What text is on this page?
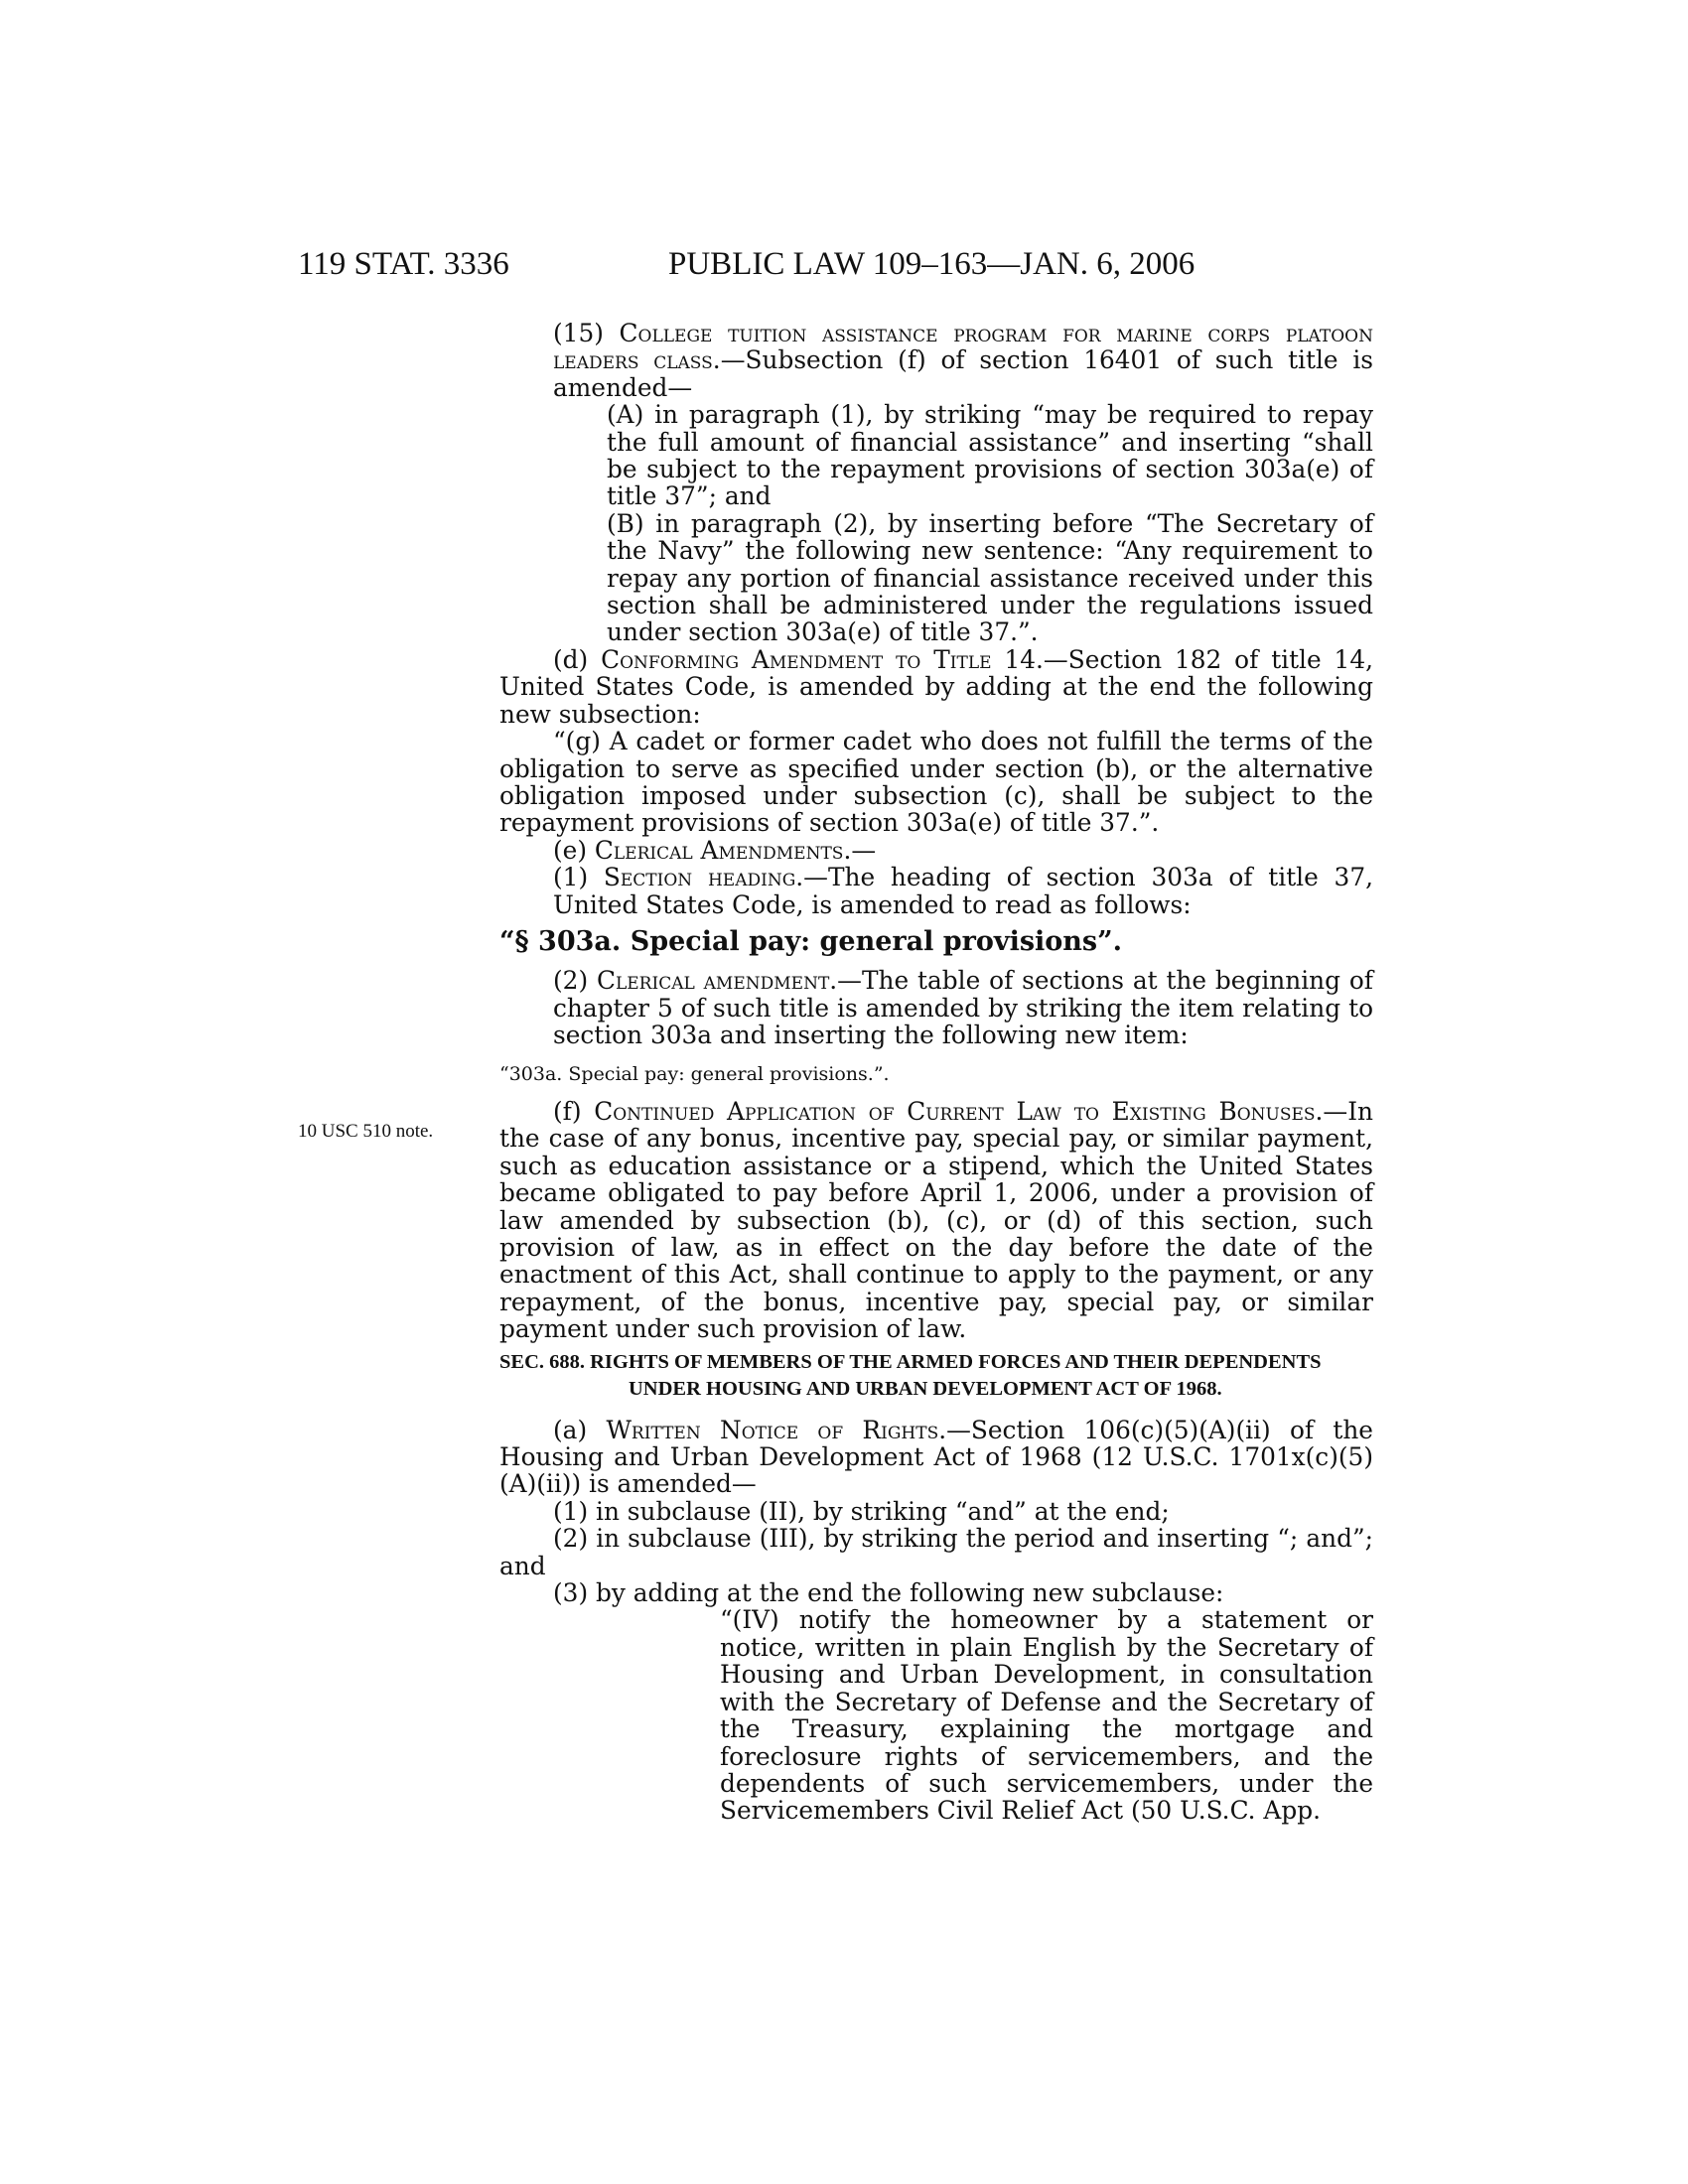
119 STAT. 3336	PUBLIC LAW 109–163—JAN. 6, 2006
10 USC 510 note.

(15) College tuition assistance program for marine corps platoon leaders class.—Subsection (f) of section 16401 of such title is amended—

(A) in paragraph (1), by striking “may be required to repay the full amount of financial assistance” and inserting “shall be subject to the repayment provisions of section 303a(e) of title 37”; and

(B) in paragraph (2), by inserting before “The Secretary of the Navy” the following new sentence: “Any requirement to repay any portion of financial assistance received under this section shall be administered under the regulations issued under section 303a(e) of title 37.”.

(d) Conforming Amendment to Title 14.—Section 182 of title 14, United States Code, is amended by adding at the end the following new subsection:

“(g) A cadet or former cadet who does not fulfill the terms of the obligation to serve as specified under section (b), or the alternative obligation imposed under subsection (c), shall be subject to the repayment provisions of section 303a(e) of title 37.”.

(e) Clerical Amendments.—

(1) Section heading.—The heading of section 303a of title 37, United States Code, is amended to read as follows:

“§ 303a. Special pay: general provisions”.

(2) Clerical amendment.—The table of sections at the beginning of chapter 5 of such title is amended by striking the item relating to section 303a and inserting the following new item:

“303a. Special pay: general provisions.”.

(f) Continued Application of Current Law to Existing Bonuses.—In the case of any bonus, incentive pay, special pay, or similar payment, such as education assistance or a stipend, which the United States became obligated to pay before April 1, 2006, under a provision of law amended by subsection (b), (c), or (d) of this section, such provision of law, as in effect on the day before the date of the enactment of this Act, shall continue to apply to the payment, or any repayment, of the bonus, incentive pay, special pay, or similar payment under such provision of law.

SEC. 688. RIGHTS OF MEMBERS OF THE ARMED FORCES AND THEIR DEPENDENTS UNDER HOUSING AND URBAN DEVELOPMENT ACT OF 1968.

(a) Written Notice of Rights.—Section 106(c)(5)(A)(ii) of the Housing and Urban Development Act of 1968 (12 U.S.C. 1701x(c)(5)(A)(ii)) is amended—

(1) in subclause (II), by striking “and” at the end;

(2) in subclause (III), by striking the period and inserting “; and”; and

(3) by adding at the end the following new subclause:

“(IV) notify the homeowner by a statement or notice, written in plain English by the Secretary of Housing and Urban Development, in consultation with the Secretary of Defense and the Secretary of the Treasury, explaining the mortgage and foreclosure rights of servicemembers, and the dependents of such servicemembers, under the Servicemembers Civil Relief Act (50 U.S.C. App.
